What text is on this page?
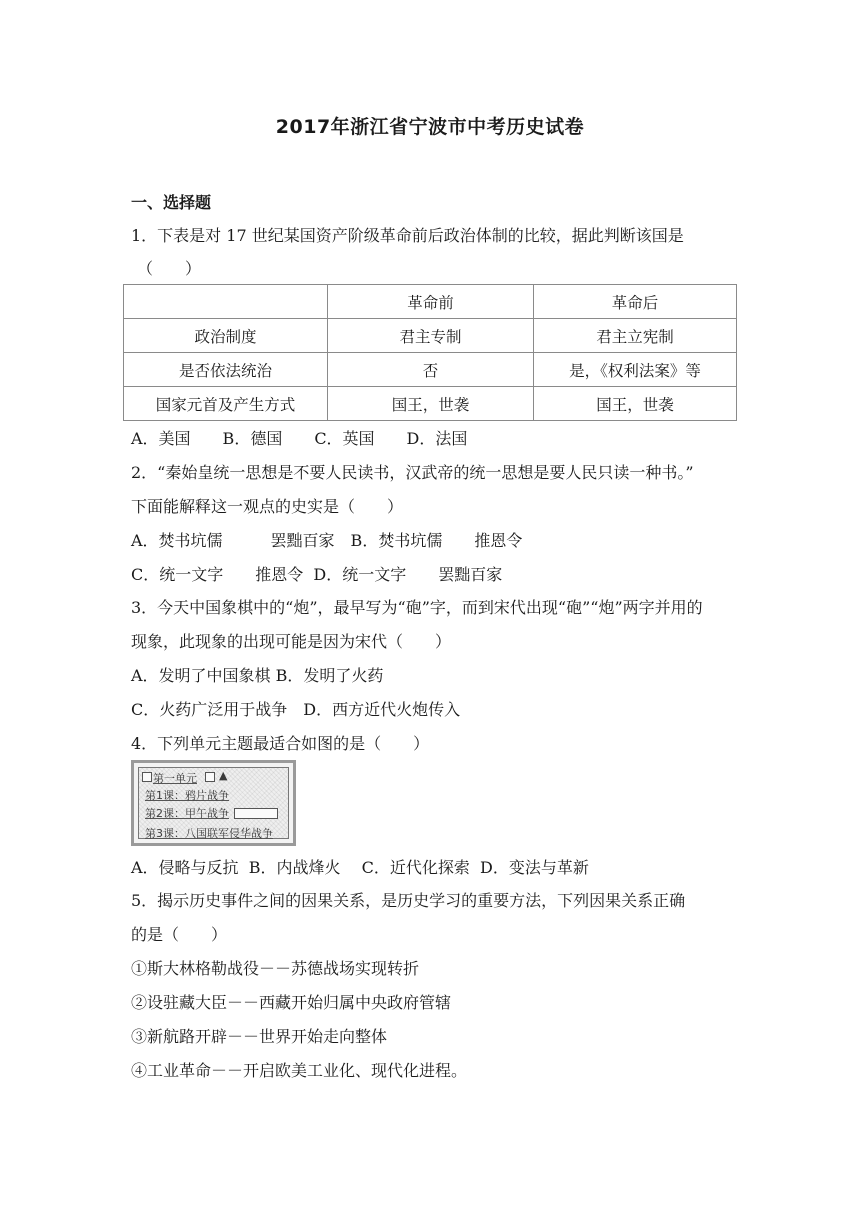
2017年浙江省宁波市中考历史试卷
一、选择题
1．下表是对 17 世纪某国资产阶级革命前后政治体制的比较，据此判断该国是
（　　）
	革命前	革命后
政治制度	君主专制	君主立宪制
是否依法统治	否	是，《权利法案》等
国家元首及产生方式	国王，世袭	国王，世袭
A．美国　　B．德国　　C．英国　　D．法国
2．“秦始皇统一思想是不要人民读书，汉武帝的统一思想是要人民只读一种书。”
下面能解释这一观点的史实是（　　）
A．焚书坑儒　　　罢黜百家　B．焚书坑儒　　推恩令
C．统一文字　　推恩令  D．统一文字　　罢黜百家
3．今天中国象棋中的“炮”，最早写为“砲”字，而到宋代出现“砲”“炮”两字并用的
现象，此现象的出现可能是因为宋代（　　）
A．发明了中国象棋 B．发明了火药
C．火药广泛用于战争　D．西方近代火炮传入
4．下列单元主题最适合如图的是（　　）
第一单元 ▲
第1课：鸦片战争
第2课：甲午战争
第3课：八国联军侵华战争
A．侵略与反抗  B．内战烽火　 C．近代化探索  D．变法与革新
5．揭示历史事件之间的因果关系，是历史学习的重要方法，下列因果关系正确
的是（　　）
①斯大林格勒战役－－苏德战场实现转折
②设驻藏大臣－－西藏开始归属中央政府管辖
③新航路开辟－－世界开始走向整体
④工业革命－－开启欧美工业化、现代化进程。
